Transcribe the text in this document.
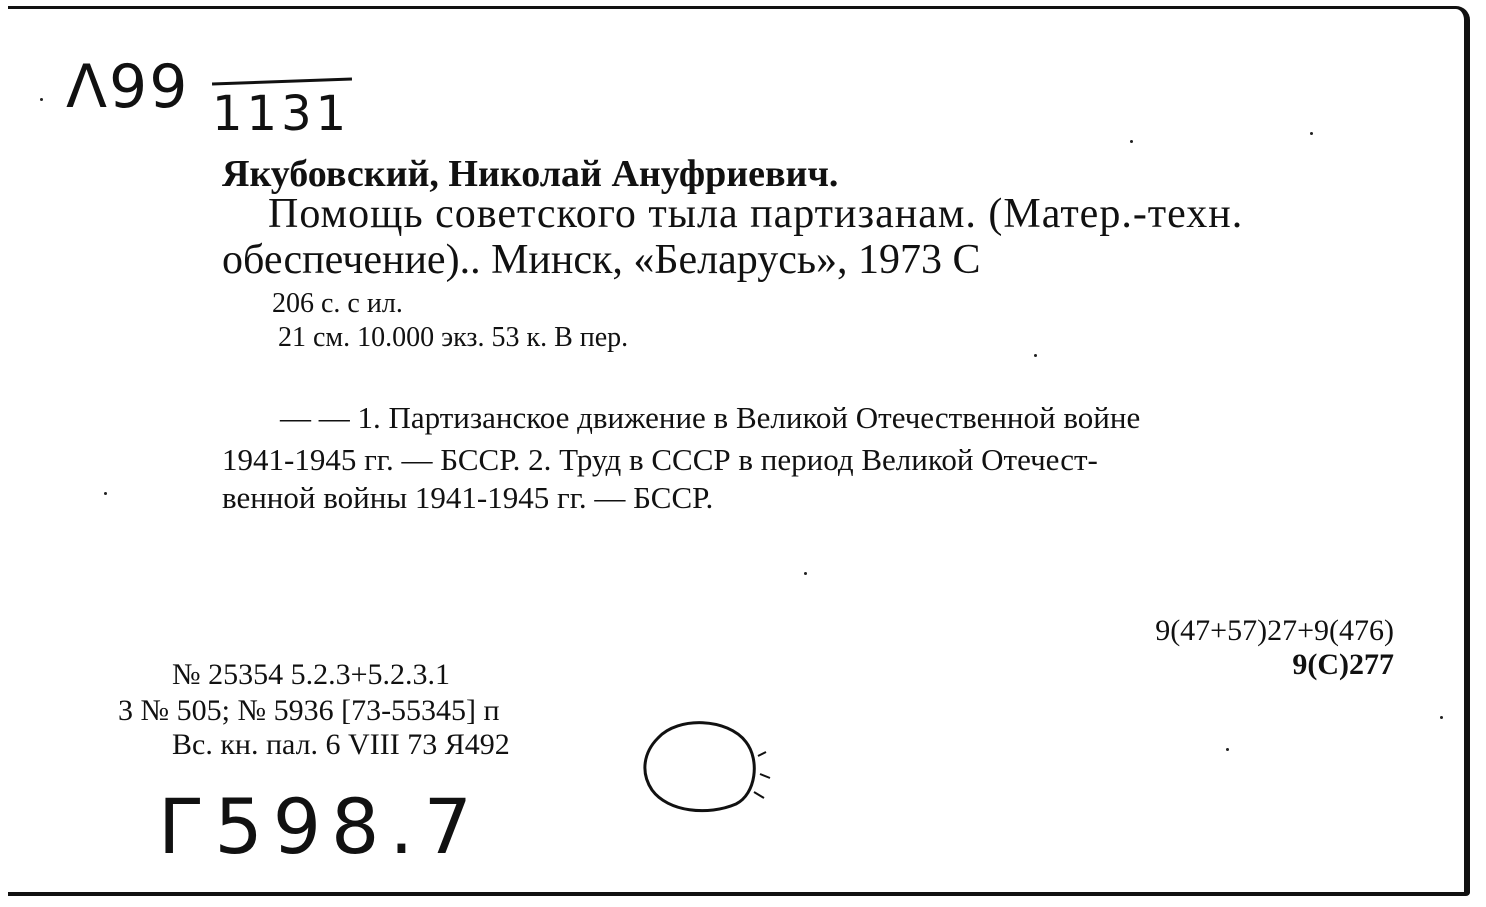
Λ99 1131
Якубовский, Николай Ануфриевич.
Помощь советского тыла партизанам. (Матер.-техн.
обеспечение).. Минск, «Беларусь», 1973 С
206 с. с ил.
21 см. 10.000 экз. 53 к. В пер.
— — 1. Партизанское движение в Великой Отечественной войне
1941-1945 гг. — БССР. 2. Труд в СССР в период Великой Отечест-
венной войны 1941-1945 гг. — БССР.
9(47+57)27+9(476)
9(С)277
№ 25354 5.2.3+5.2.3.1
3 № 505; № 5936 [73-55345] п
Вс. кн. пал. 6 VIII 73 Я492
Г598.7
